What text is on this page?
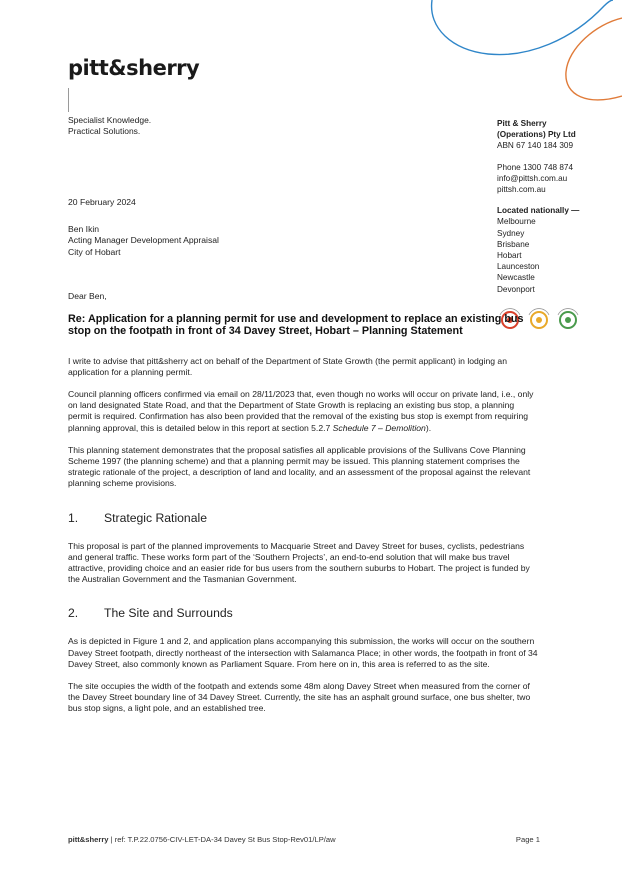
pitt&sherry
Specialist Knowledge.
Practical Solutions.
Pitt & Sherry
(Operations) Pty Ltd
ABN 67 140 184 309
Phone 1300 748 874
info@pittsh.com.au
pittsh.com.au
Located nationally —
Melbourne
Sydney
Brisbane
Hobart
Launceston
Newcastle
Devonport

20 February 2024

Ben Ikin
Acting Manager Development Appraisal
City of Hobart

Dear Ben,

Re: Application for a planning permit for use and development to replace an existing bus stop on the footpath in front of 34 Davey Street, Hobart – Planning Statement

I write to advise that pitt&sherry act on behalf of the Department of State Growth (the permit applicant) in lodging an application for a planning permit.

Council planning officers confirmed via email on 28/11/2023 that, even though no works will occur on private land, i.e., only on land designated State Road, and that the Department of State Growth is replacing an existing bus stop, a planning permit is required. Confirmation has also been provided that the removal of the existing bus stop is exempt from requiring planning approval, this is detailed below in this report at section 5.2.7 Schedule 7 – Demolition).

This planning statement demonstrates that the proposal satisfies all applicable provisions of the Sullivans Cove Planning Scheme 1997 (the planning scheme) and that a planning permit may be issued. This planning statement comprises the strategic rationale of the project, a description of land and locality, and an assessment of the proposal against the relevant planning scheme provisions.

1.	Strategic Rationale

This proposal is part of the planned improvements to Macquarie Street and Davey Street for buses, cyclists, pedestrians and general traffic. These works form part of the ‘Southern Projects’, an end-to-end solution that will make bus travel attractive, providing choice and an easier ride for bus users from the southern suburbs to Hobart. The project is funded by the Australian Government and the Tasmanian Government.

2.	The Site and Surrounds

As is depicted in Figure 1 and 2, and application plans accompanying this submission, the works will occur on the southern Davey Street footpath, directly northeast of the intersection with Salamanca Place; in other words, the footpath in front of 34 Davey Street, also commonly known as Parliament Square. From here on in, this area is referred to as the site.

The site occupies the width of the footpath and extends some 48m along Davey Street when measured from the corner of the Davey Street boundary line of 34 Davey Street. Currently, the site has an asphalt ground surface, one bus shelter, two bus stop signs, a light pole, and an established tree.

pitt&sherry | ref: T.P.22.0756-CIV-LET-DA-34 Davey St Bus Stop-Rev01/LP/aw	Page 1
